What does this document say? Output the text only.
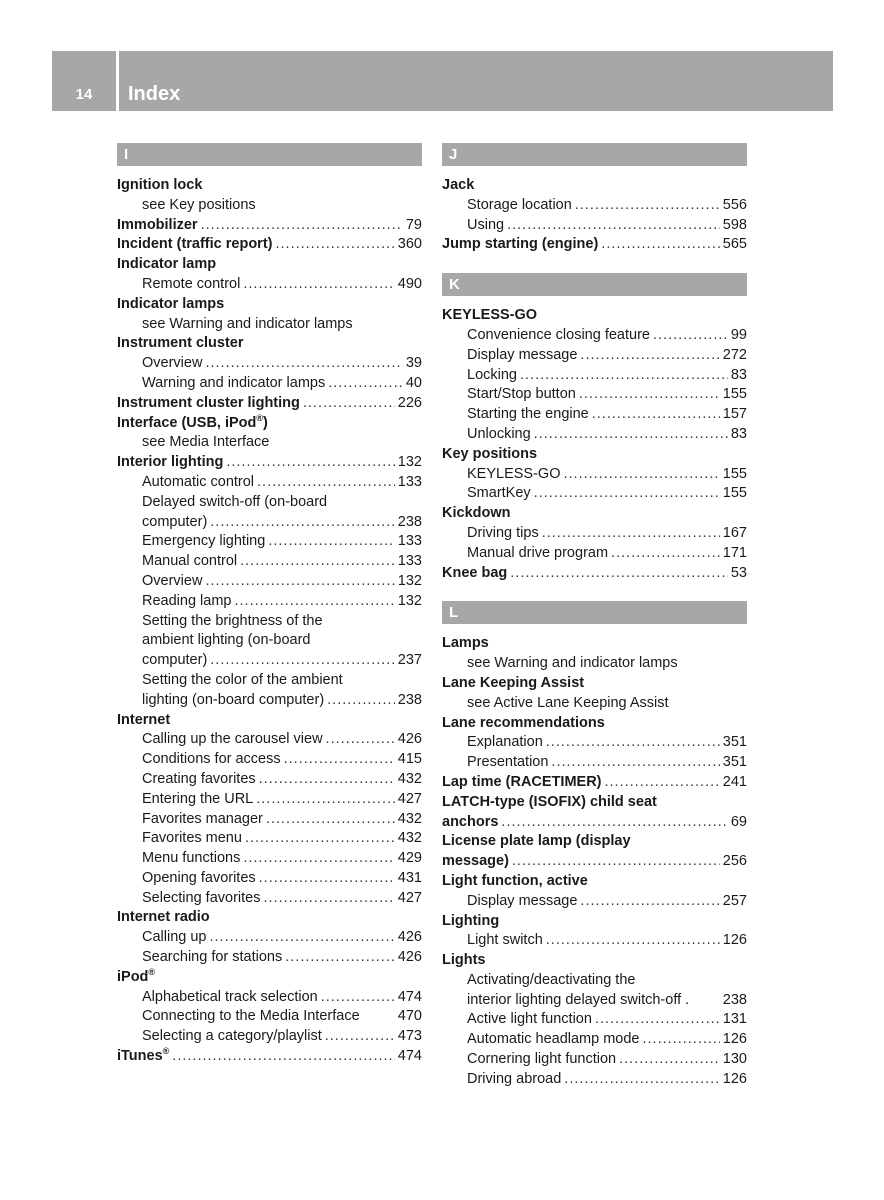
14	Index
I
Ignition lock
see Key positions
Immobilizer .....	79
Incident (traffic report) .....	360
Indicator lamp
Remote control .....	490
Indicator lamps
see Warning and indicator lamps
Instrument cluster
Overview .....	39
Warning and indicator lamps .....	40
Instrument cluster lighting .....	226
Interface (USB, iPod®)
see Media Interface
Interior lighting .....	132
Automatic control .....	133
Delayed switch-off (on-board
computer) .....	238
Emergency lighting .....	133
Manual control .....	133
Overview .....	132
Reading lamp .....	132
Setting the brightness of the
ambient lighting (on-board
computer) .....	237
Setting the color of the ambient
lighting (on-board computer) .....	238
Internet
Calling up the carousel view .....	426
Conditions for access .....	415
Creating favorites .....	432
Entering the URL .....	427
Favorites manager .....	432
Favorites menu .....	432
Menu functions .....	429
Opening favorites .....	431
Selecting favorites .....	427
Internet radio
Calling up .....	426
Searching for stations .....	426
iPod®
Alphabetical track selection .....	474
Connecting to the Media Interface	470
Selecting a category/playlist .....	473
iTunes® .....	474
J
Jack
Storage location .....	556
Using .....	598
Jump starting (engine) .....	565
K
KEYLESS-GO
Convenience closing feature .....	99
Display message .....	272
Locking .....	83
Start/Stop button .....	155
Starting the engine .....	157
Unlocking .....	83
Key positions
KEYLESS-GO .....	155
SmartKey .....	155
Kickdown
Driving tips .....	167
Manual drive program .....	171
Knee bag .....	53
L
Lamps
see Warning and indicator lamps
Lane Keeping Assist
see Active Lane Keeping Assist
Lane recommendations
Explanation .....	351
Presentation .....	351
Lap time (RACETIMER) .....	241
LATCH-type (ISOFIX) child seat
anchors .....	69
License plate lamp (display
message) .....	256
Light function, active
Display message .....	257
Lighting
Light switch .....	126
Lights
Activating/deactivating the
interior lighting delayed switch-off . 238
Active light function .....	131
Automatic headlamp mode .....	126
Cornering light function .....	130
Driving abroad .....	126
